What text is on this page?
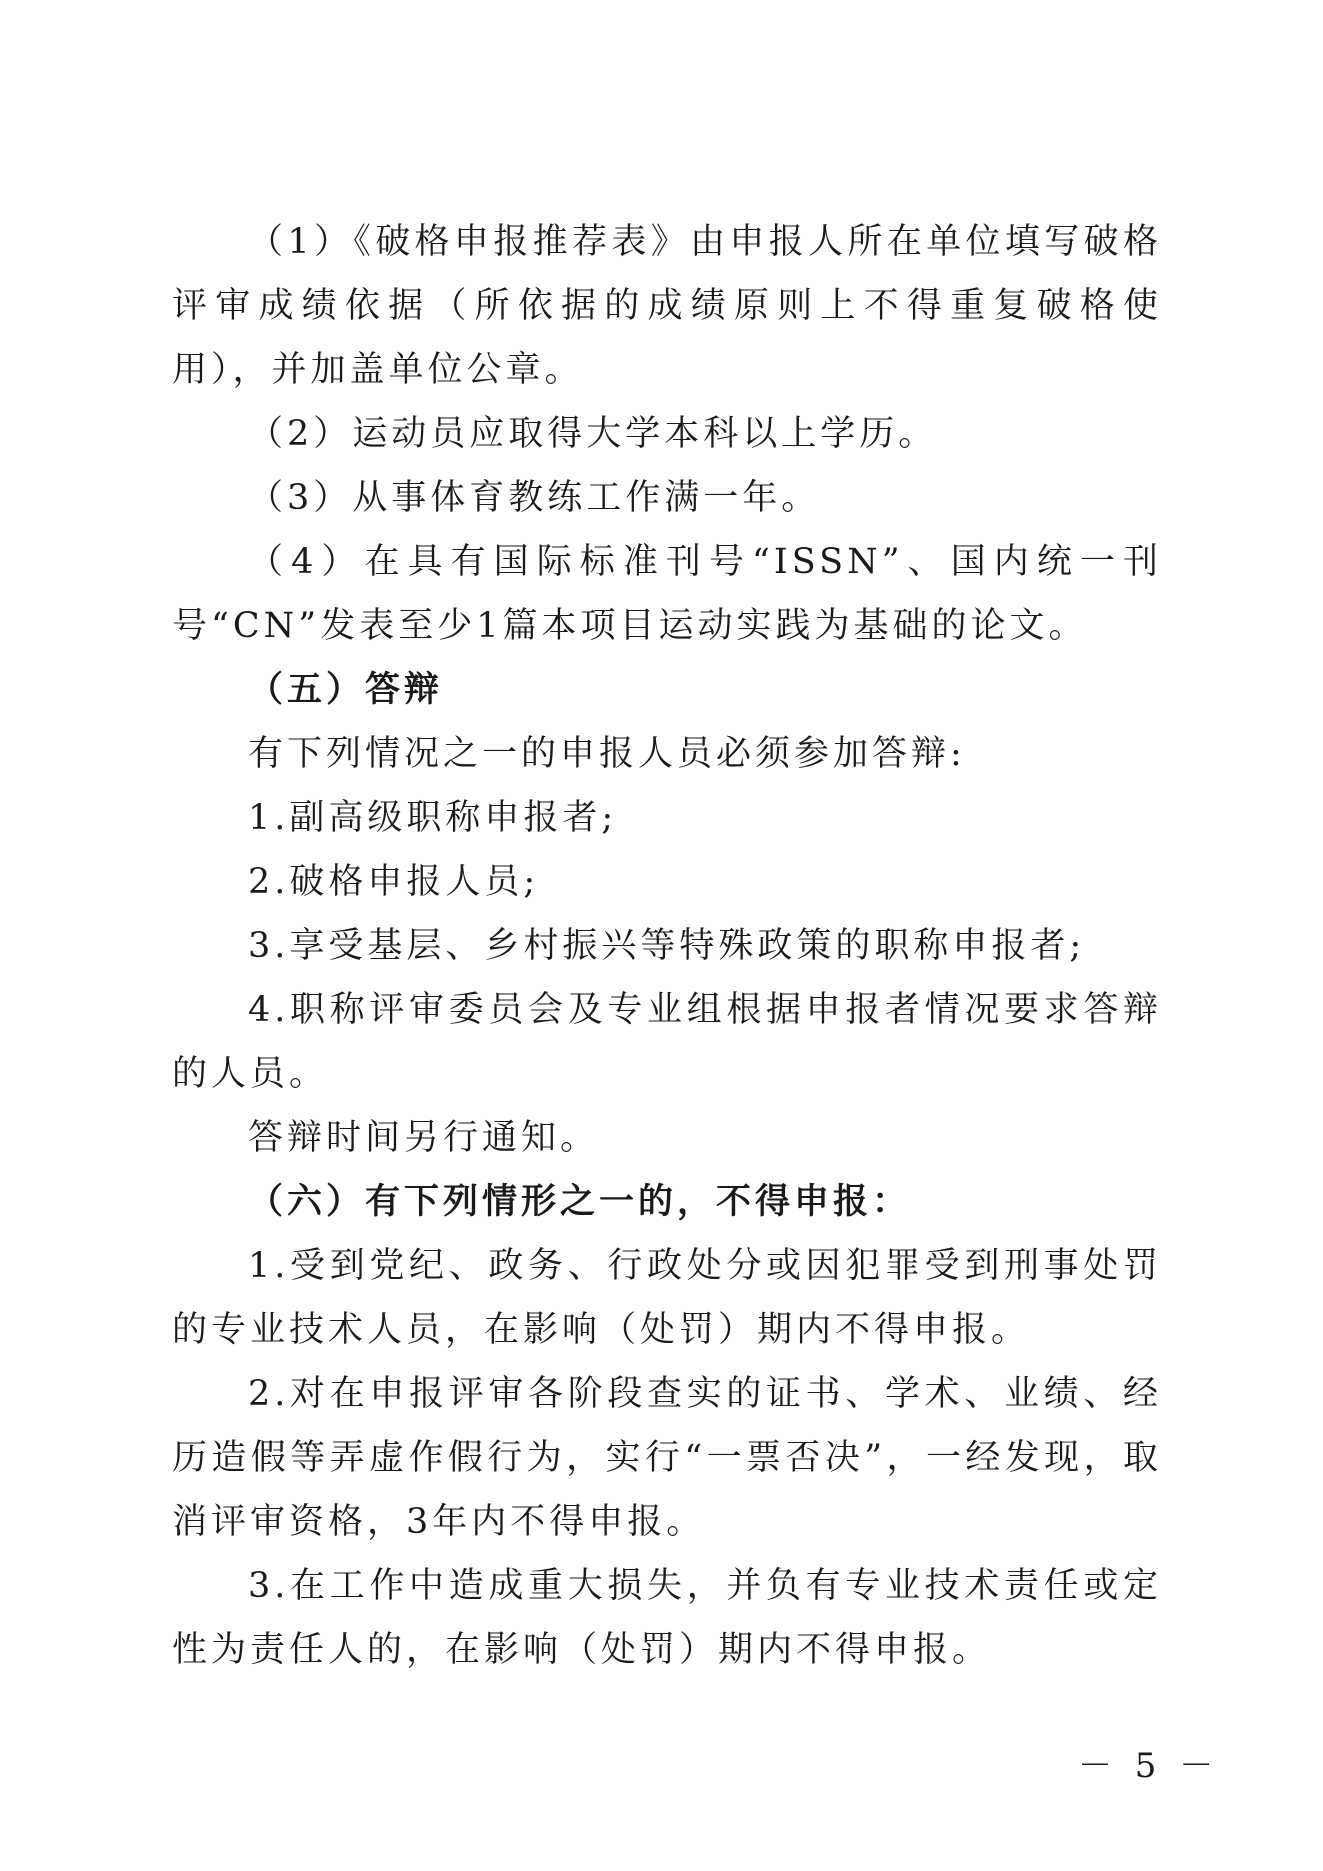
（1）《破格申报推荐表》由申报人所在单位填写破格评审成绩依据（所依据的成绩原则上不得重复破格使用），并加盖单位公章。

（2）运动员应取得大学本科以上学历。

（3）从事体育教练工作满一年。

（4）在具有国际标准刊号“ISSN”、国内统一刊号“CN”发表至少1篇本项目运动实践为基础的论文。

（五）答辩

有下列情况之一的申报人员必须参加答辩:

1.副高级职称申报者;

2.破格申报人员;

3.享受基层、乡村振兴等特殊政策的职称申报者;

4.职称评审委员会及专业组根据申报者情况要求答辩的人员。

答辩时间另行通知。

（六）有下列情形之一的，不得申报：

1.受到党纪、政务、行政处分或因犯罪受到刑事处罚的专业技术人员，在影响（处罚）期内不得申报。

2.对在申报评审各阶段查实的证书、学术、业绩、经历造假等弄虚作假行为，实行“一票否决”，一经发现，取消评审资格，3年内不得申报。

3.在工作中造成重大损失，并负有专业技术责任或定性为责任人的，在影响（处罚）期内不得申报。

－ 5 －
